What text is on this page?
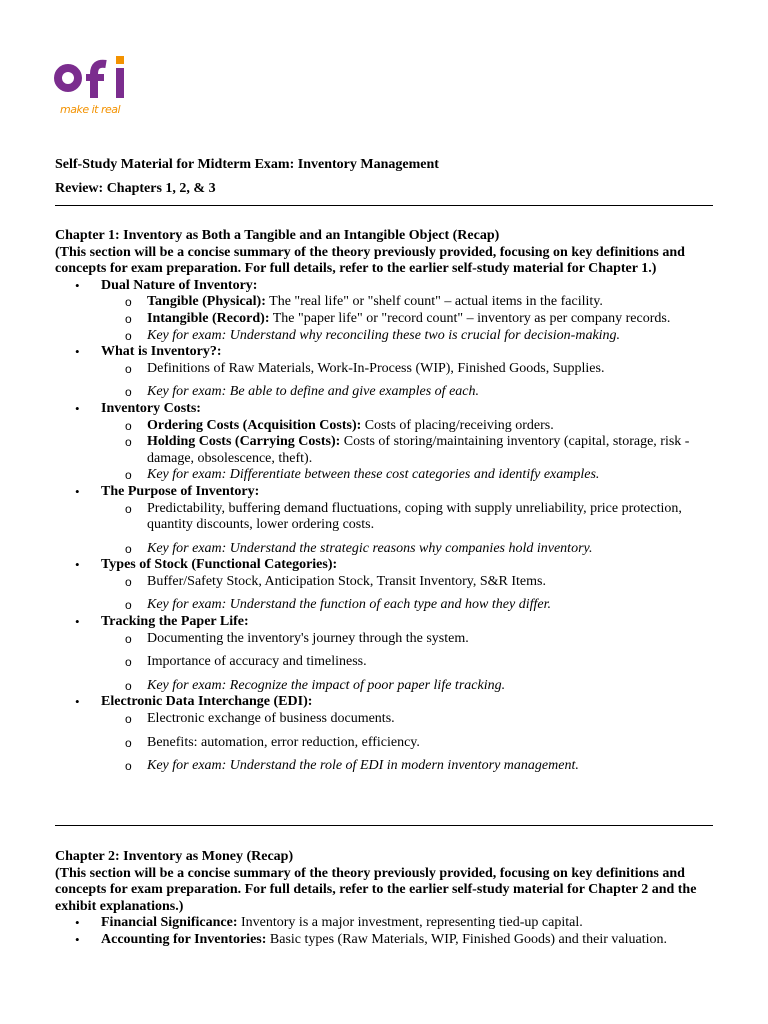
make it real
Self-Study Material for Midterm Exam: Inventory Management
Review: Chapters 1, 2, & 3
Chapter 1: Inventory as Both a Tangible and an Intangible Object (Recap)
(This section will be a concise summary of the theory previously provided, focusing on key definitions and concepts for exam preparation. For full details, refer to the earlier self-study material for Chapter 1.)
• Dual Nature of Inventory:
o Tangible (Physical): The "real life" or "shelf count" – actual items in the facility.
o Intangible (Record): The "paper life" or "record count" – inventory as per company records.
o Key for exam: Understand why reconciling these two is crucial for decision-making.
• What is Inventory?:
o Definitions of Raw Materials, Work-In-Process (WIP), Finished Goods, Supplies.
o Key for exam: Be able to define and give examples of each.
• Inventory Costs:
o Ordering Costs (Acquisition Costs): Costs of placing/receiving orders.
o Holding Costs (Carrying Costs): Costs of storing/maintaining inventory (capital, storage, risk - damage, obsolescence, theft).
o Key for exam: Differentiate between these cost categories and identify examples.
• The Purpose of Inventory:
o Predictability, buffering demand fluctuations, coping with supply unreliability, price protection, quantity discounts, lower ordering costs.
o Key for exam: Understand the strategic reasons why companies hold inventory.
• Types of Stock (Functional Categories):
o Buffer/Safety Stock, Anticipation Stock, Transit Inventory, S&R Items.
o Key for exam: Understand the function of each type and how they differ.
• Tracking the Paper Life:
o Documenting the inventory's journey through the system.
o Importance of accuracy and timeliness.
o Key for exam: Recognize the impact of poor paper life tracking.
• Electronic Data Interchange (EDI):
o Electronic exchange of business documents.
o Benefits: automation, error reduction, efficiency.
o Key for exam: Understand the role of EDI in modern inventory management.
Chapter 2: Inventory as Money (Recap)
(This section will be a concise summary of the theory previously provided, focusing on key definitions and concepts for exam preparation. For full details, refer to the earlier self-study material for Chapter 2 and the exhibit explanations.)
• Financial Significance: Inventory is a major investment, representing tied-up capital.
• Accounting for Inventories: Basic types (Raw Materials, WIP, Finished Goods) and their valuation.
